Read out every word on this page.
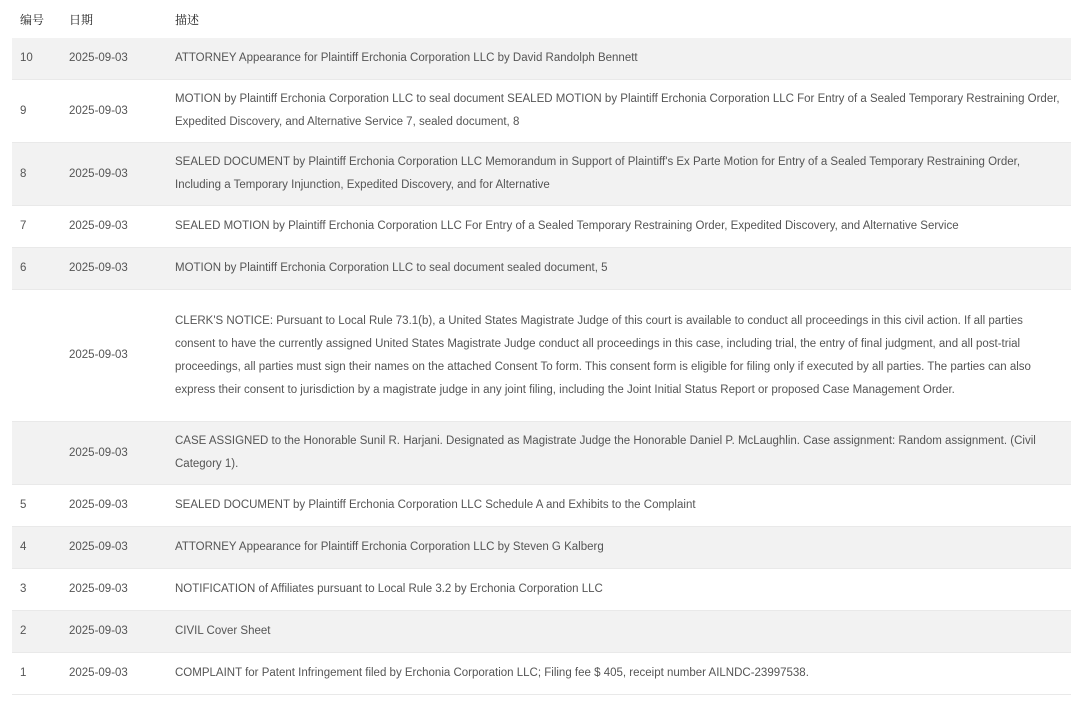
编号	日期	描述
10	2025-09-03	ATTORNEY Appearance for Plaintiff Erchonia Corporation LLC by David Randolph Bennett
9	2025-09-03	MOTION by Plaintiff Erchonia Corporation LLC to seal document SEALED MOTION by Plaintiff Erchonia Corporation LLC For Entry of a Sealed Temporary Restraining Order, Expedited Discovery, and Alternative Service 7, sealed document, 8
8	2025-09-03	SEALED DOCUMENT by Plaintiff Erchonia Corporation LLC Memorandum in Support of Plaintiff's Ex Parte Motion for Entry of a Sealed Temporary Restraining Order, Including a Temporary Injunction, Expedited Discovery, and for Alternative
7	2025-09-03	SEALED MOTION by Plaintiff Erchonia Corporation LLC For Entry of a Sealed Temporary Restraining Order, Expedited Discovery, and Alternative Service
6	2025-09-03	MOTION by Plaintiff Erchonia Corporation LLC to seal document sealed document, 5
	2025-09-03	CLERK'S NOTICE: Pursuant to Local Rule 73.1(b), a United States Magistrate Judge of this court is available to conduct all proceedings in this civil action. If all parties consent to have the currently assigned United States Magistrate Judge conduct all proceedings in this case, including trial, the entry of final judgment, and all post-trial proceedings, all parties must sign their names on the attached Consent To form. This consent form is eligible for filing only if executed by all parties. The parties can also express their consent to jurisdiction by a magistrate judge in any joint filing, including the Joint Initial Status Report or proposed Case Management Order.
	2025-09-03	CASE ASSIGNED to the Honorable Sunil R. Harjani. Designated as Magistrate Judge the Honorable Daniel P. McLaughlin. Case assignment: Random assignment. (Civil Category 1).
5	2025-09-03	SEALED DOCUMENT by Plaintiff Erchonia Corporation LLC Schedule A and Exhibits to the Complaint
4	2025-09-03	ATTORNEY Appearance for Plaintiff Erchonia Corporation LLC by Steven G Kalberg
3	2025-09-03	NOTIFICATION of Affiliates pursuant to Local Rule 3.2 by Erchonia Corporation LLC
2	2025-09-03	CIVIL Cover Sheet
1	2025-09-03	COMPLAINT for Patent Infringement filed by Erchonia Corporation LLC; Filing fee $ 405, receipt number AILNDC-23997538.
